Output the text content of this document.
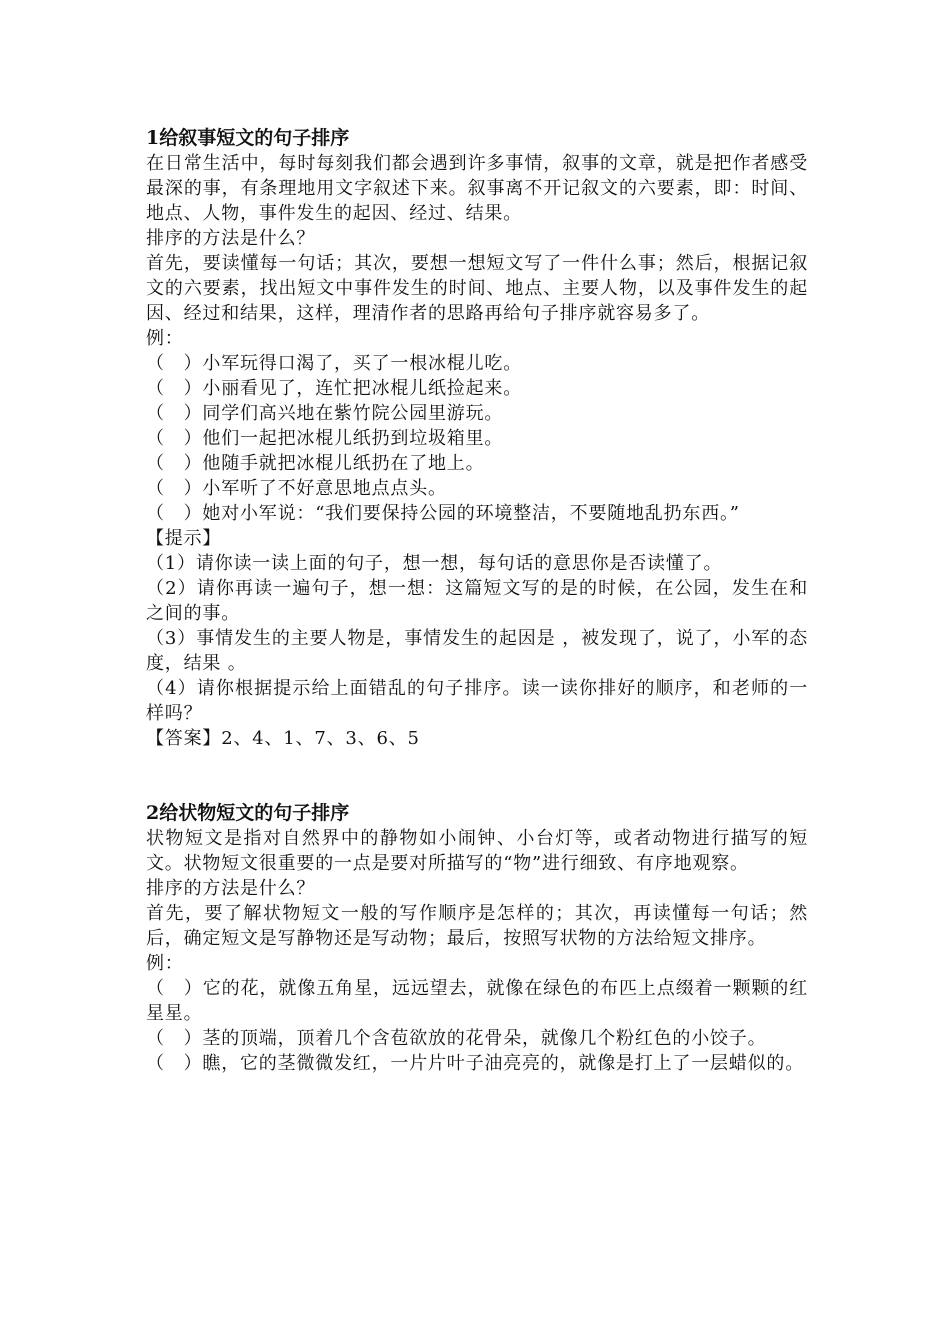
1给叙事短文的句子排序

在日常生活中，每时每刻我们都会遇到许多事情，叙事的文章，就是把作者感受最深的事，有条理地用文字叙述下来。叙事离不开记叙文的六要素，即：时间、地点、人物，事件发生的起因、经过、结果。

排序的方法是什么？

首先，要读懂每一句话；其次，要想一想短文写了一件什么事；然后，根据记叙文的六要素，找出短文中事件发生的时间、地点、主要人物，以及事件发生的起因、经过和结果，这样，理清作者的思路再给句子排序就容易多了。

例：

（　）小军玩得口渴了，买了一根冰棍儿吃。

（　）小丽看见了，连忙把冰棍儿纸捡起来。

（　）同学们高兴地在紫竹院公园里游玩。

（　）他们一起把冰棍儿纸扔到垃圾箱里。

（　）他随手就把冰棍儿纸扔在了地上。

（　）小军听了不好意思地点点头。

（　）她对小军说：“我们要保持公园的环境整洁，不要随地乱扔东西。”

【提示】

（1）请你读一读上面的句子，想一想，每句话的意思你是否读懂了。

（2）请你再读一遍句子，想一想：这篇短文写的是的时候，在公园，发生在和之间的事。

（3）事情发生的主要人物是，事情发生的起因是 ，被发现了，说了，小军的态度，结果 。

（4）请你根据提示给上面错乱的句子排序。读一读你排好的顺序，和老师的一样吗？

【答案】2、4、1、7、3、6、5

2给状物短文的句子排序

状物短文是指对自然界中的静物如小闹钟、小台灯等，或者动物进行描写的短文。状物短文很重要的一点是要对所描写的“物”进行细致、有序地观察。

排序的方法是什么？

首先，要了解状物短文一般的写作顺序是怎样的；其次，再读懂每一句话；然后，确定短文是写静物还是写动物；最后，按照写状物的方法给短文排序。

例：

（　）它的花，就像五角星，远远望去，就像在绿色的布匹上点缀着一颗颗的红星星。

（　）茎的顶端，顶着几个含苞欲放的花骨朵，就像几个粉红色的小饺子。

（　）瞧，它的茎微微发红，一片片叶子油亮亮的，就像是打上了一层蜡似的。
